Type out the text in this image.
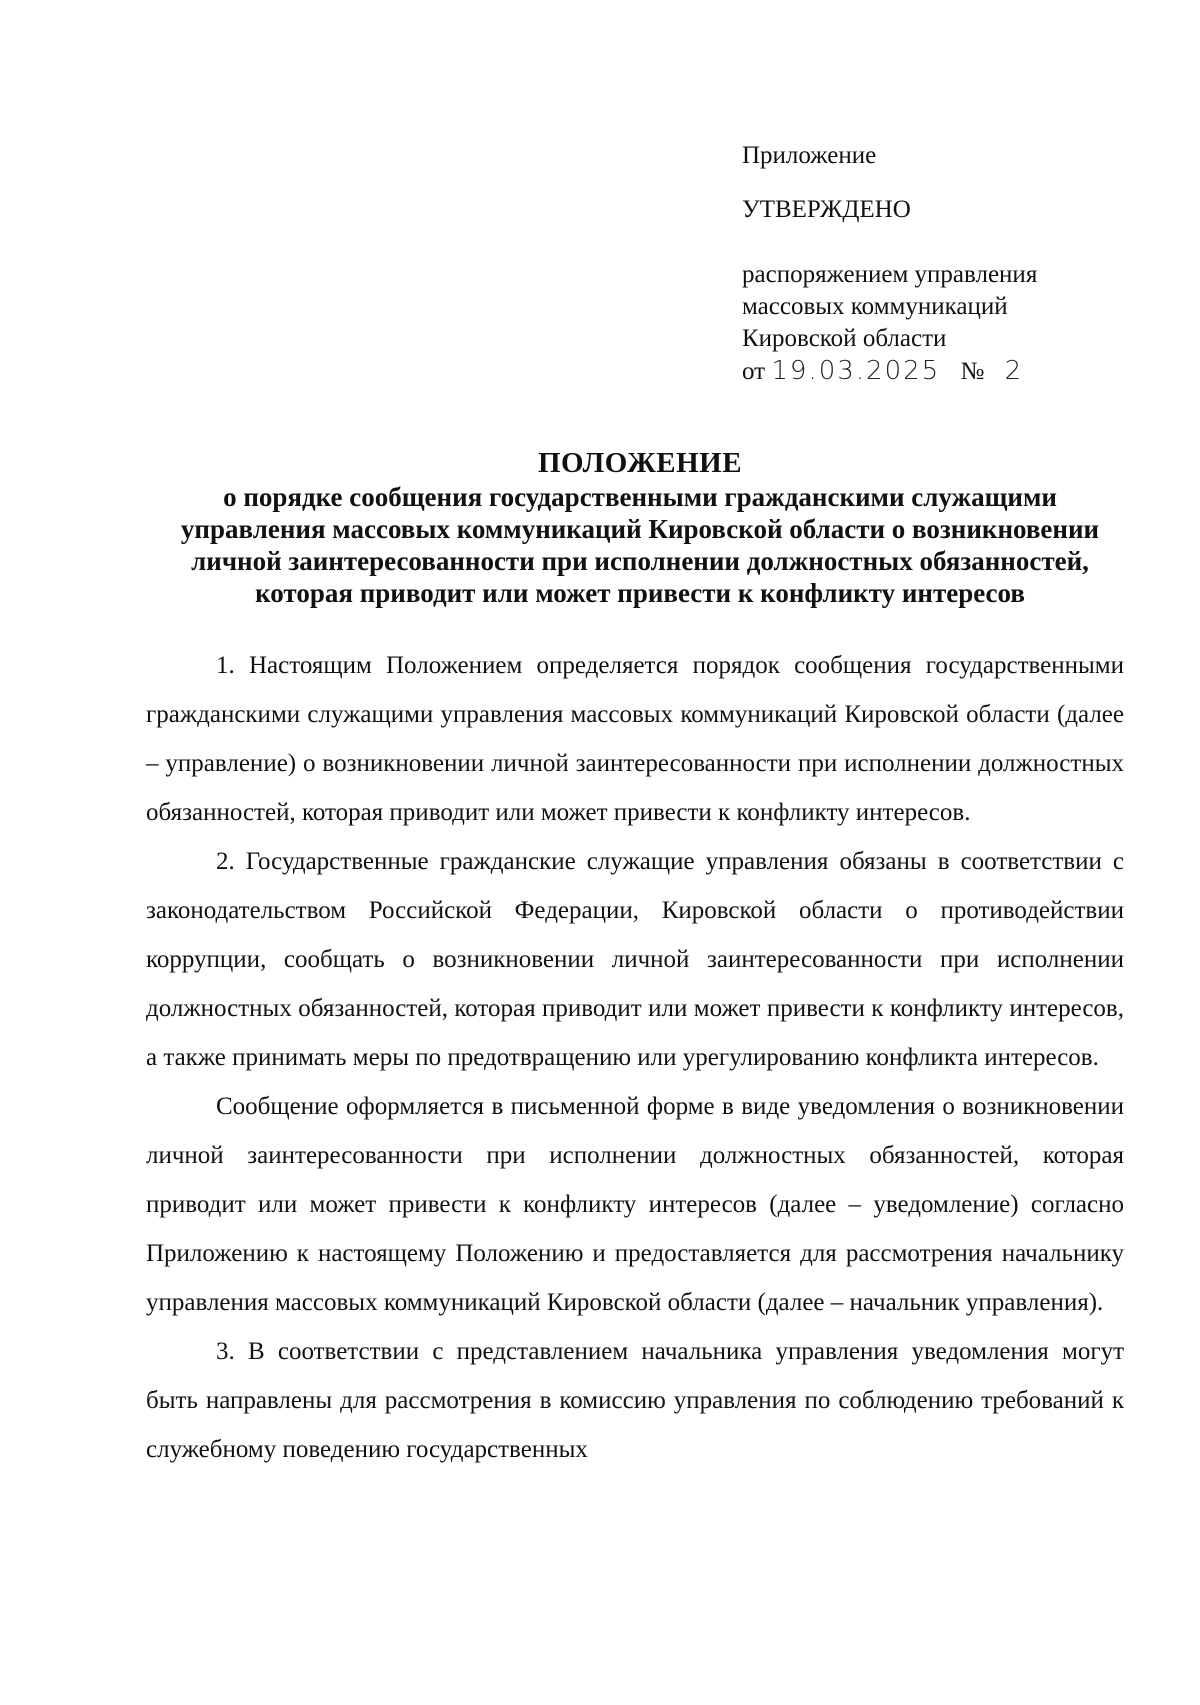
Приложение
УТВЕРЖДЕНО
распоряжением управления
массовых коммуникаций
Кировской области
от 19.03.2025 № 2
ПОЛОЖЕНИЕ
о порядке сообщения государственными гражданскими служащими
управления массовых коммуникаций Кировской области о возникновении
личной заинтересованности при исполнении должностных обязанностей,
которая приводит или может привести к конфликту интересов

1. Настоящим Положением определяется порядок сообщения государственными гражданскими служащими управления массовых коммуникаций Кировской области (далее – управление) о возникновении личной заинтересованности при исполнении должностных обязанностей, которая приводит или может привести к конфликту интересов.

2. Государственные гражданские служащие управления обязаны в соответствии с законодательством Российской Федерации, Кировской области о противодействии коррупции, сообщать о возникновении личной заинтересованности при исполнении должностных обязанностей, которая приводит или может привести к конфликту интересов, а также принимать меры по предотвращению или урегулированию конфликта интересов.

Сообщение оформляется в письменной форме в виде уведомления о возникновении личной заинтересованности при исполнении должностных обязанностей, которая приводит или может привести к конфликту интересов (далее – уведомление) согласно Приложению к настоящему Положению и предоставляется для рассмотрения начальнику управления массовых коммуникаций Кировской области (далее – начальник управления).

3. В соответствии с представлением начальника управления уведомления могут быть направлены для рассмотрения в комиссию управления по соблюдению требований к служебному поведению государственных
